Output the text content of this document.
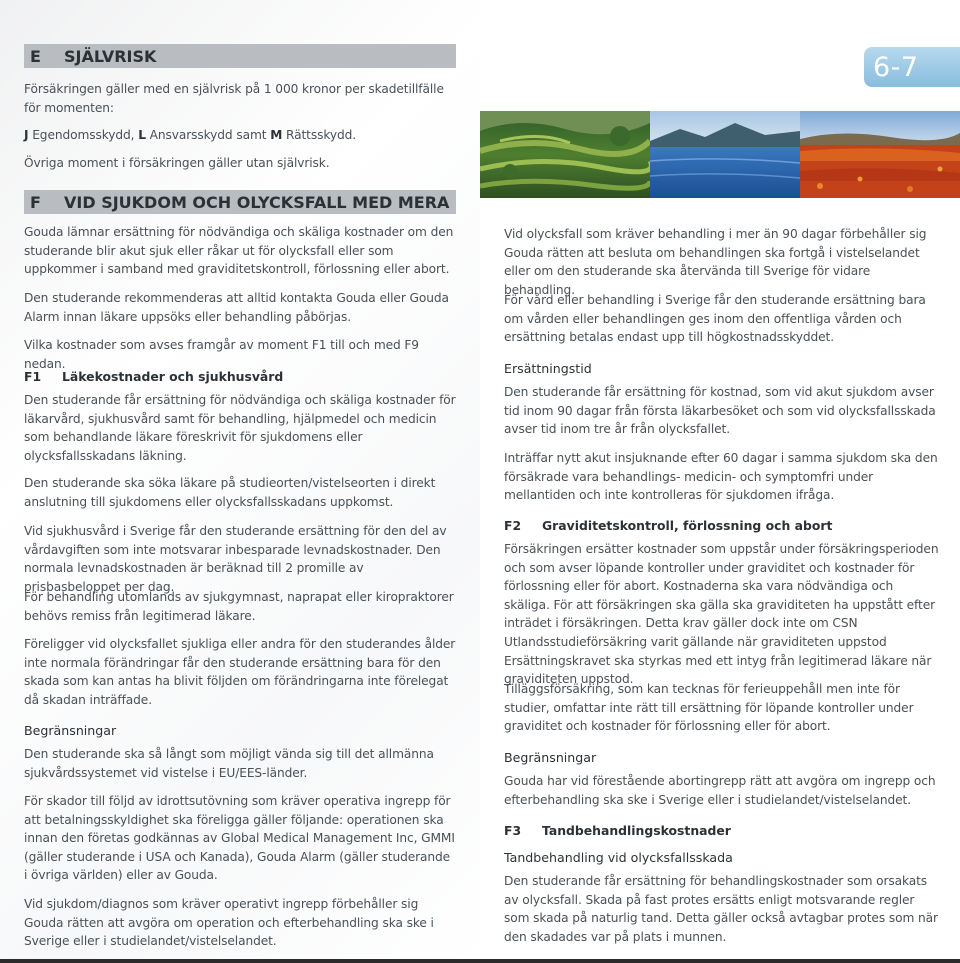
6-7
E	SJÄLVRISK

Försäkringen gäller med en självrisk på 1 000 kronor per skadetillfälle för momenten:

J Egendomsskydd, L Ansvarsskydd samt M Rättsskydd.

Övriga moment i försäkringen gäller utan självrisk.

F	VID SJUKDOM OCH OLYCKSFALL MED MERA

Gouda lämnar ersättning för nödvändiga och skäliga kostnader om den studerande blir akut sjuk eller råkar ut för olycksfall eller som uppkommer i samband med graviditetskontroll, förlossning eller abort.

Den studerande rekommenderas att alltid kontakta Gouda eller Gouda Alarm innan läkare uppsöks eller behandling påbörjas.

Vilka kostnader som avses framgår av moment F1 till och med F9 nedan.

F1 Läkekostnader och sjukhusvård

Den studerande får ersättning för nödvändiga och skäliga kostnader för läkarvård, sjukhusvård samt för behandling, hjälpmedel och medicin som behandlande läkare föreskrivit för sjukdomens eller olycksfallsskadans läkning.

Den studerande ska söka läkare på studieorten/vistelseorten i direkt anslutning till sjukdomens eller olycksfallsskadans uppkomst.

Vid sjukhusvård i Sverige får den studerande ersättning för den del av vårdavgiften som inte motsvarar inbesparade levnadskostnader. Den normala levnadskostnaden är beräknad till 2 promille av prisbasbeloppet per dag.

För behandling utomlands av sjukgymnast, naprapat eller kiropraktorer behövs remiss från legitimerad läkare.

Föreligger vid olycksfallet sjukliga eller andra för den studerandes ålder inte normala förändringar får den studerande ersättning bara för den skada som kan antas ha blivit följden om förändringarna inte förelegat då skadan inträffade.

Begränsningar

Den studerande ska så långt som möjligt vända sig till det allmänna sjukvårdssystemet vid vistelse i EU/EES-länder.

För skador till följd av idrottsutövning som kräver operativa ingrepp för att betalningsskyldighet ska föreligga gäller följande: operationen ska innan den företas godkännas av Global Medical Management Inc, GMMI (gäller studerande i USA och Kanada), Gouda Alarm (gäller studerande i övriga världen) eller av Gouda.

Vid sjukdom/diagnos som kräver operativt ingrepp förbehåller sig Gouda rätten att avgöra om operation och efterbehandling ska ske i Sverige eller i studielandet/vistelselandet.

Vid olycksfall som kräver behandling i mer än 90 dagar förbehåller sig Gouda rätten att besluta om behandlingen ska fortgå i vistelselandet eller om den studerande ska återvända till Sverige för vidare behandling.

För vård eller behandling i Sverige får den studerande ersättning bara om vården eller behandlingen ges inom den offentliga vården och ersättning betalas endast upp till högkostnadsskyddet.

Ersättningstid

Den studerande får ersättning för kostnad, som vid akut sjukdom avser tid inom 90 dagar från första läkarbesöket och som vid olycksfallsskada avser tid inom tre år från olycksfallet.

Inträffar nytt akut insjuknande efter 60 dagar i samma sjukdom ska den försäkrade vara behandlings- medicin- och symptomfri under mellantiden och inte kontrolleras för sjukdomen ifråga.

F2 Graviditetskontroll, förlossning och abort

Försäkringen ersätter kostnader som uppstår under försäkringsperioden och som avser löpande kontroller under graviditet och kostnader för förlossning eller för abort. Kostnaderna ska vara nödvändiga och skäliga. För att försäkringen ska gälla ska graviditeten ha uppstått efter inträdet i försäkringen. Detta krav gäller dock inte om CSN Utlandsstudieförsäkring varit gällande när graviditeten uppstod Ersättningskravet ska styrkas med ett intyg från legitimerad läkare när graviditeten uppstod.

Tilläggsförsäkring, som kan tecknas för ferieuppehåll men inte för studier, omfattar inte rätt till ersättning för löpande kontroller under graviditet och kostnader för förlossning eller för abort.

Begränsningar

Gouda har vid förestående abortingrepp rätt att avgöra om ingrepp och efterbehandling ska ske i Sverige eller i studielandet/vistelselandet.

F3 Tandbehandlingskostnader
Tandbehandling vid olycksfallsskada

Den studerande får ersättning för behandlingskostnader som orsakats av olycksfall. Skada på fast protes ersätts enligt motsvarande regler som skada på naturlig tand. Detta gäller också avtagbar protes som när den skadades var på plats i munnen.
